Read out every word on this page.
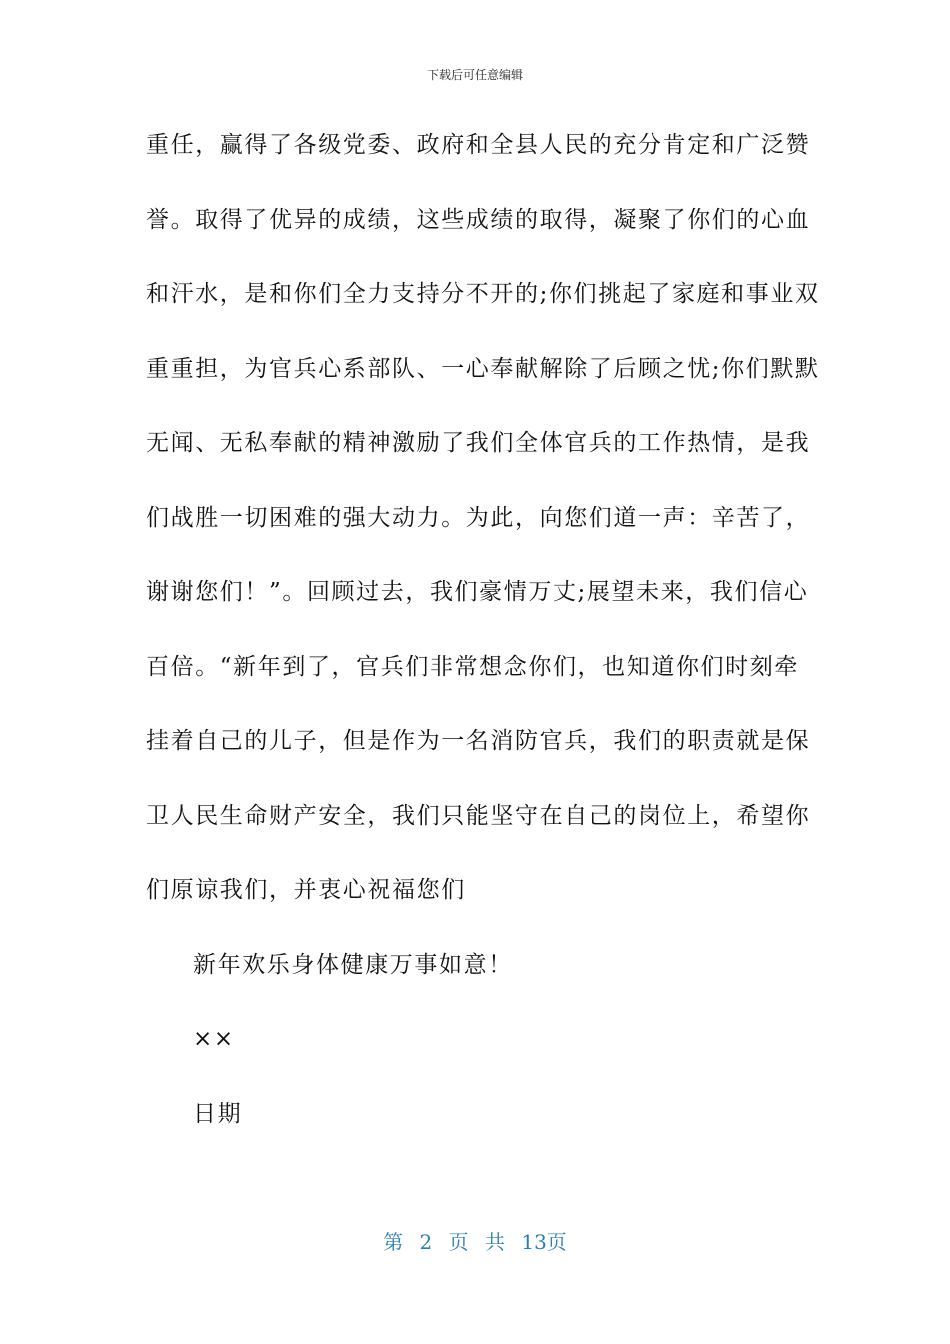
下载后可任意编辑
重任，赢得了各级党委、政府和全县人民的充分肯定和广泛赞
誉。取得了优异的成绩，这些成绩的取得，凝聚了你们的心血
和汗水，是和你们全力支持分不开的;你们挑起了家庭和事业双
重重担，为官兵心系部队、一心奉献解除了后顾之忧;你们默默
无闻、无私奉献的精神激励了我们全体官兵的工作热情，是我
们战胜一切困难的强大动力。为此，向您们道一声：辛苦了，
谢谢您们！”。回顾过去，我们豪情万丈;展望未来，我们信心
百倍。“新年到了，官兵们非常想念你们，也知道你们时刻牵
挂着自己的儿子，但是作为一名消防官兵，我们的职责就是保
卫人民生命财产安全，我们只能坚守在自己的岗位上，希望你
们原谅我们，并衷心祝福您们
新年欢乐身体健康万事如意！
××
日期
第 2 页 共 13页
